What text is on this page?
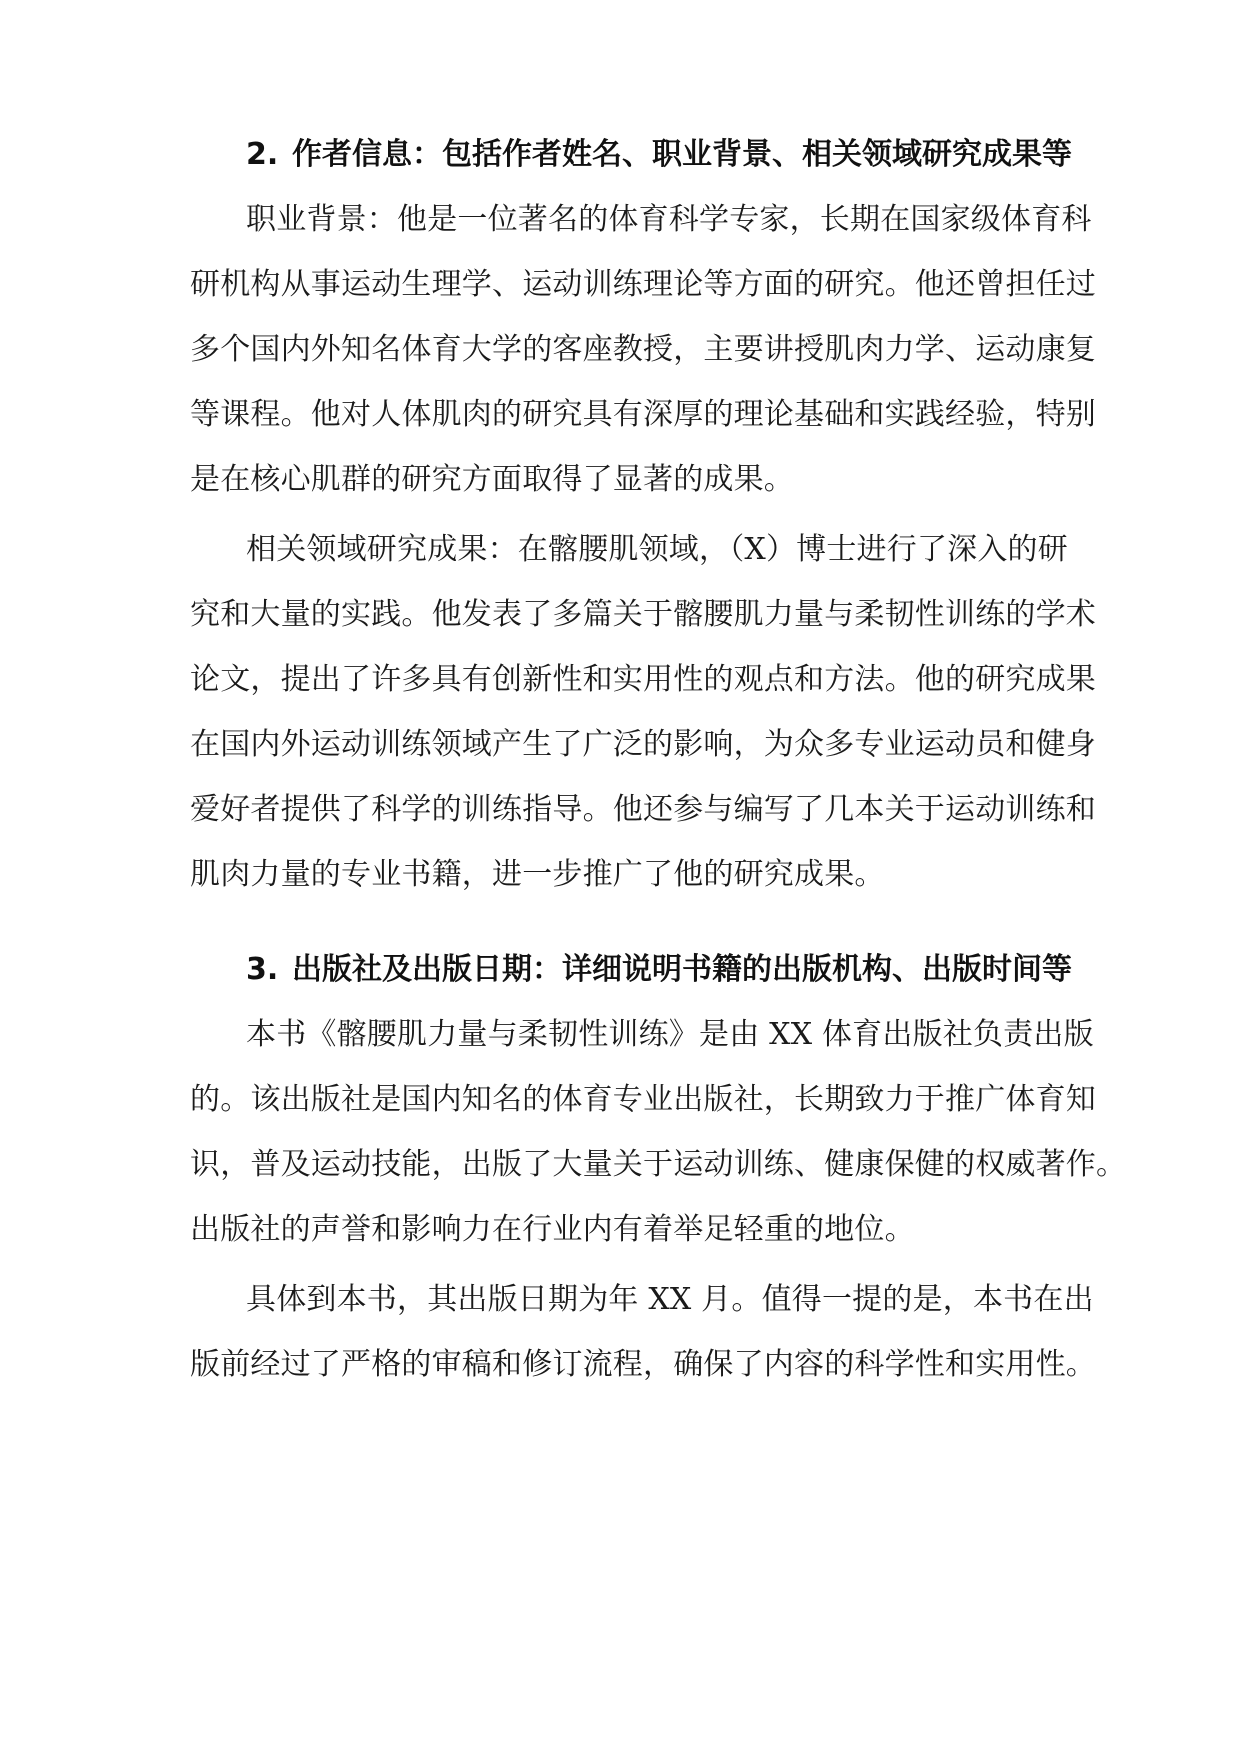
2. 作者信息：包括作者姓名、职业背景、相关领域研究成果等
职业背景：他是一位著名的体育科学专家，长期在国家级体育科
研机构从事运动生理学、运动训练理论等方面的研究。他还曾担任过
多个国内外知名体育大学的客座教授，主要讲授肌肉力学、运动康复
等课程。他对人体肌肉的研究具有深厚的理论基础和实践经验，特别
是在核心肌群的研究方面取得了显著的成果。
相关领域研究成果：在髂腰肌领域，（X）博士进行了深入的研
究和大量的实践。他发表了多篇关于髂腰肌力量与柔韧性训练的学术
论文，提出了许多具有创新性和实用性的观点和方法。他的研究成果
在国内外运动训练领域产生了广泛的影响，为众多专业运动员和健身
爱好者提供了科学的训练指导。他还参与编写了几本关于运动训练和
肌肉力量的专业书籍，进一步推广了他的研究成果。
3. 出版社及出版日期：详细说明书籍的出版机构、出版时间等
本书《髂腰肌力量与柔韧性训练》是由 XX 体育出版社负责出版
的。该出版社是国内知名的体育专业出版社，长期致力于推广体育知
识，普及运动技能，出版了大量关于运动训练、健康保健的权威著作。
出版社的声誉和影响力在行业内有着举足轻重的地位。
具体到本书，其出版日期为年 XX 月。值得一提的是，本书在出
版前经过了严格的审稿和修订流程，确保了内容的科学性和实用性。
